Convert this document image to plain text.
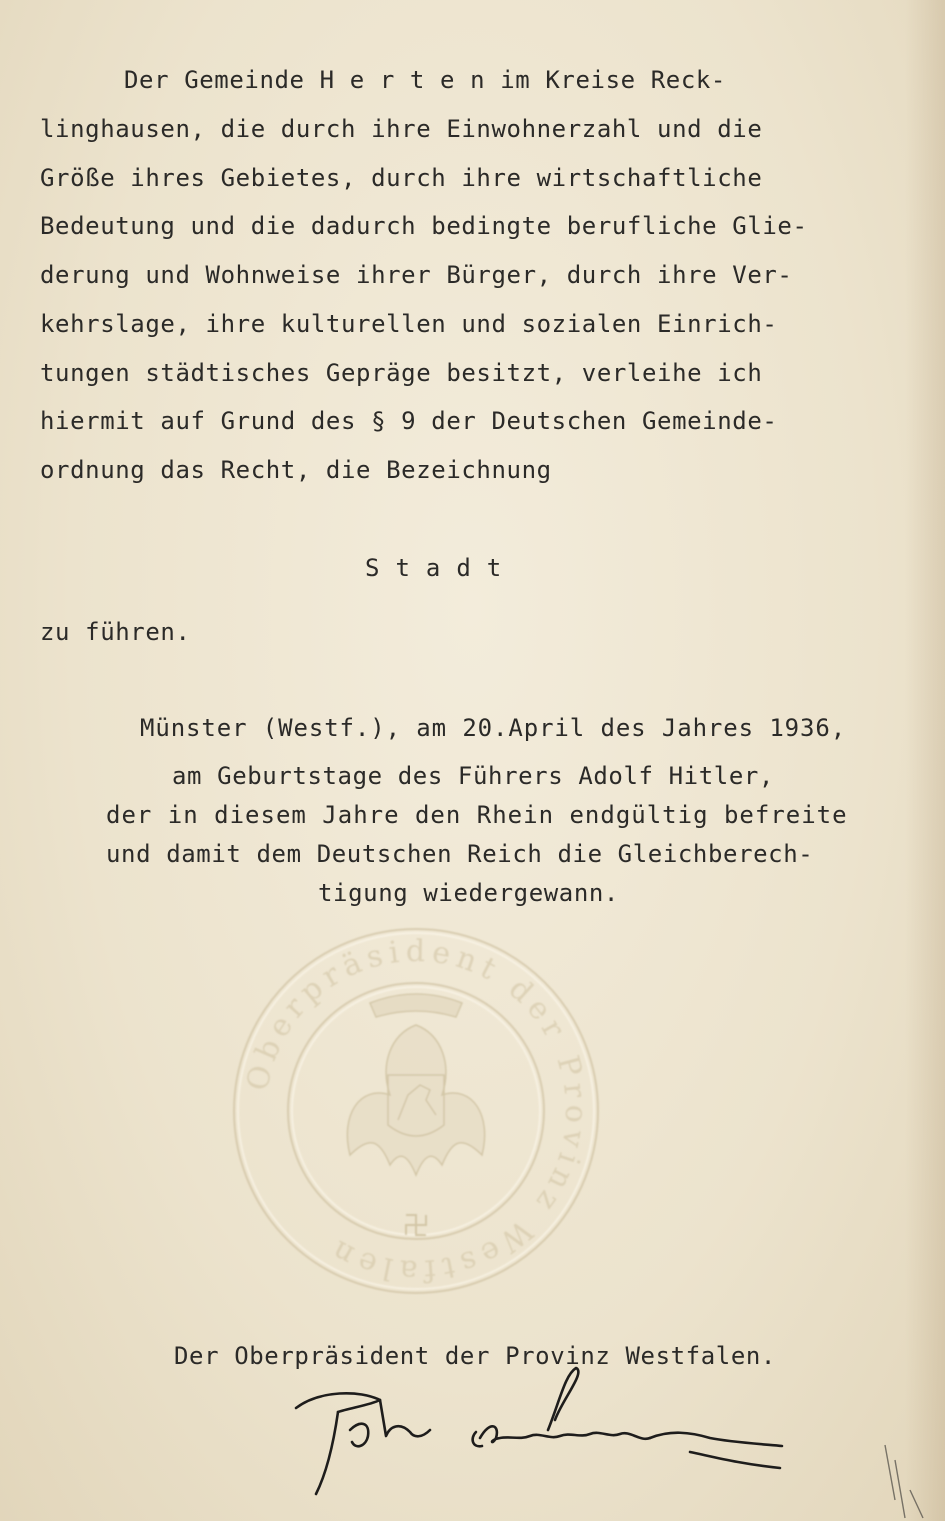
Der Gemeinde H e r t e n im Kreise Reck-
linghausen, die durch ihre Einwohnerzahl und die
Größe ihres Gebietes, durch ihre wirtschaftliche
Bedeutung und die dadurch bedingte berufliche Glie-
derung und Wohnweise ihrer Bürger, durch ihre Ver-
kehrslage, ihre kulturellen und sozialen Einrich-
tungen städtisches Gepräge besitzt, verleihe ich
hiermit auf Grund des § 9 der Deutschen Gemeinde-
ordnung das Recht, die Bezeichnung
Stadt
zu führen.
Münster (Westf.), am 20.April des Jahres 1936,
am Geburtstage des Führers Adolf Hitler,
der in diesem Jahre den Rhein endgültig befreite
und damit dem Deutschen Reich die Gleichberech-
tigung wiedergewann.
Oberpräsident der Provinz Westfalen
Der Oberpräsident der Provinz Westfalen.
